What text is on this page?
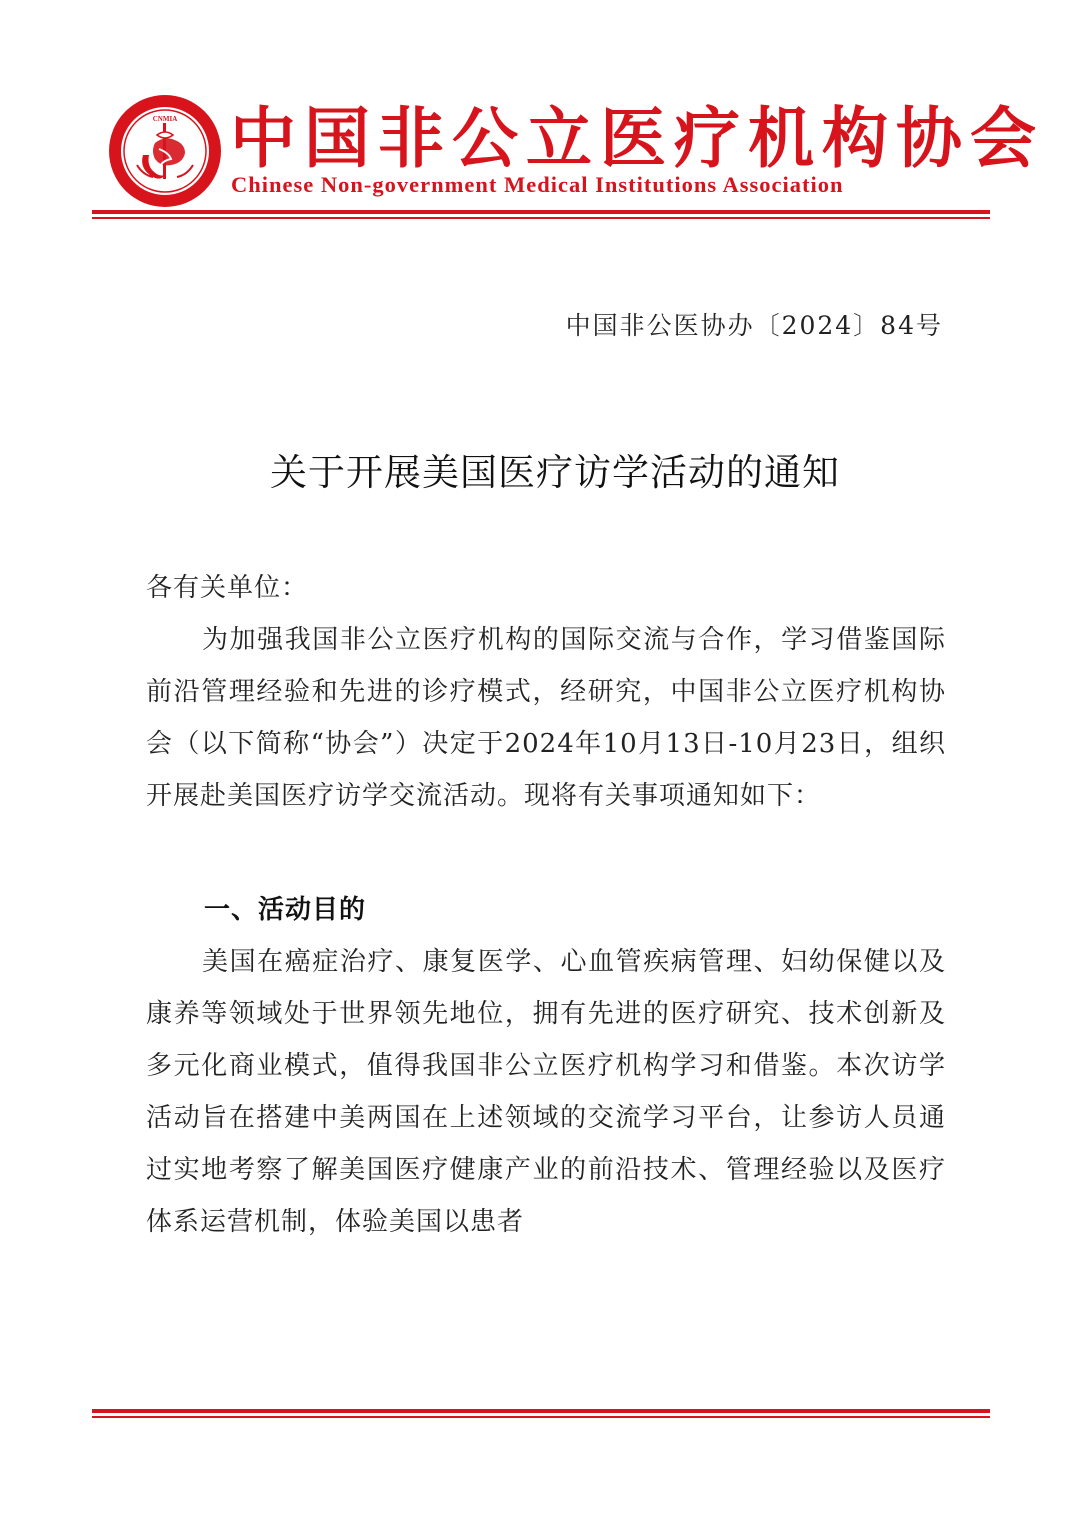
CNMIA 中国非公立医疗机构协会
Chinese Non-government Medical Institutions Association
中国非公医协办〔2024〕84号
关于开展美国医疗访学活动的通知
各有关单位：
为加强我国非公立医疗机构的国际交流与合作，学习借鉴国际前沿管理经验和先进的诊疗模式，经研究，中国非公立医疗机构协会（以下简称“协会”）决定于2024年10月13日-10月23日，组织开展赴美国医疗访学交流活动。现将有关事项通知如下：
一、活动目的
美国在癌症治疗、康复医学、心血管疾病管理、妇幼保健以及康养等领域处于世界领先地位，拥有先进的医疗研究、技术创新及多元化商业模式，值得我国非公立医疗机构学习和借鉴。本次访学活动旨在搭建中美两国在上述领域的交流学习平台，让参访人员通过实地考察了解美国医疗健康产业的前沿技术、管理经验以及医疗体系运营机制，体验美国以患者
